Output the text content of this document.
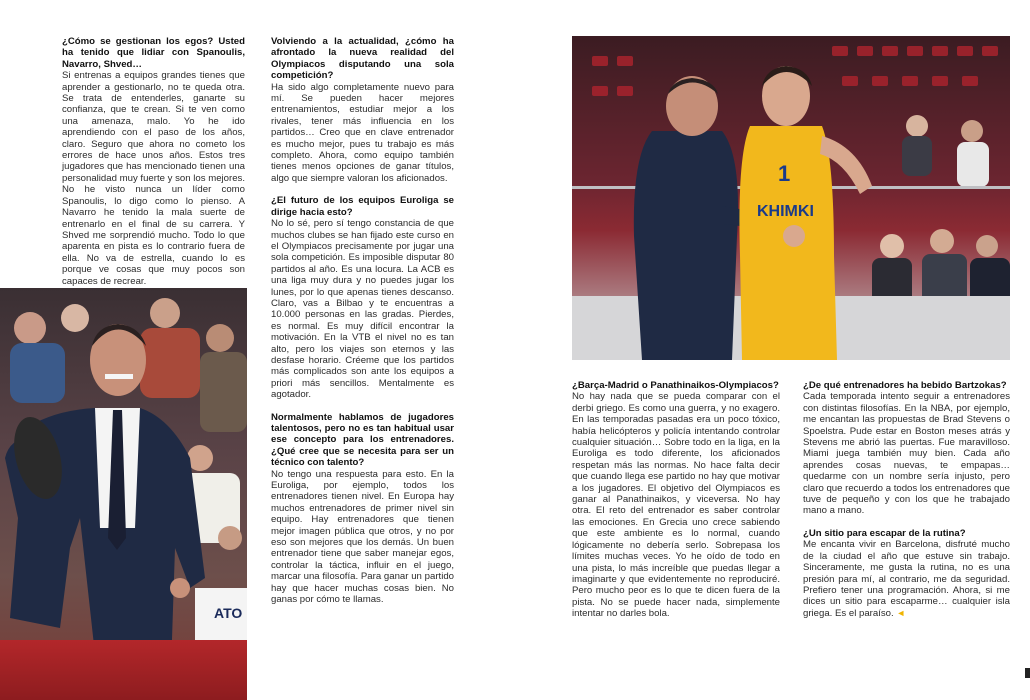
¿Cómo se gestionan los egos? Usted ha tenido que lidiar con Spanoulis, Navarro, Shved…

Si entrenas a equipos grandes tienes que aprender a gestionarlo, no te queda otra. Se trata de entenderles, ganarte su confianza, que te crean. Si te ven como una amenaza, malo. Yo he ido aprendiendo con el paso de los años, claro. Seguro que ahora no cometo los errores de hace unos años. Estos tres jugadores que has mencionado tienen una personalidad muy fuerte y son los mejores. No he visto nunca un líder como Spanoulis, lo digo como lo pienso. A Navarro he tenido la mala suerte de entrenarlo en el final de su carrera. Y Shved me sorprendió mucho. Todo lo que aparenta en pista es lo contrario fuera de ella. No va de estrella, cuando lo es porque ve cosas que muy pocos son capaces de recrear.

ATO

Volviendo a la actualidad, ¿cómo ha afrontado la nueva realidad del Olympiacos disputando una sola competición?

Ha sido algo completamente nuevo para mí. Se pueden hacer mejores entrenamientos, estudiar mejor a los rivales, tener más influencia en los partidos… Creo que en clave entrenador es mucho mejor, pues tu trabajo es más completo. Ahora, como equipo también tienes menos opciones de ganar títulos, algo que siempre valoran los aficionados.

¿El futuro de los equipos Euroliga se dirige hacia esto?

No lo sé, pero sí tengo constancia de que muchos clubes se han fijado este curso en el Olympiacos precisamente por jugar una sola competición. Es imposible disputar 80 partidos al año. Es una locura. La ACB es una liga muy dura y no puedes jugar los lunes, por lo que apenas tienes descanso. Claro, vas a Bilbao y te encuentras a 10.000 personas en las gradas. Pierdes, es normal. Es muy difícil encontrar la motivación. En la VTB el nivel no es tan alto, pero los viajes son eternos y las desfase horario. Créeme que los partidos más complicados son ante los equipos a priori más sencillos. Mentalmente es agotador.

Normalmente hablamos de jugadores talentosos, pero no es tan habitual usar ese concepto para los entrenadores. ¿Qué cree que se necesita para ser un técnico con talento?

No tengo una respuesta para esto. En la Euroliga, por ejemplo, todos los entrenadores tienen nivel. En Europa hay muchos entrenadores de primer nivel sin equipo. Hay entrenadores que tienen mejor imagen pública que otros, y no por eso son mejores que los demás. Un buen entrenador tiene que saber manejar egos, controlar la táctica, influir en el juego, marcar una filosofía. Para ganar un partido hay que hacer muchas cosas bien. No ganas por cómo te llamas.

KHIMKI
1

¿Barça-Madrid o Panathinaikos-Olympiacos?

No hay nada que se pueda comparar con el derbi griego. Es como una guerra, y no exagero. En las temporadas pasadas era un poco tóxico, había helicópteros y policía intentando controlar cualquier situación… Sobre todo en la liga, en la Euroliga es todo diferente, los aficionados respetan más las normas. No hace falta decir que cuando llega ese partido no hay que motivar a los jugadores. El objetivo del Olympiacos es ganar al Panathinaikos, y viceversa. No hay otra. El reto del entrenador es saber controlar las emociones. En Grecia uno crece sabiendo que este ambiente es lo normal, cuando lógicamente no debería serlo. Sobrepasa los límites muchas veces. Yo he oído de todo en una pista, lo más increíble que puedas llegar a imaginarte y que evidentemente no reproduciré. Pero mucho peor es lo que te dicen fuera de la pista. No se puede hacer nada, simplemente intentar no darles bola.

¿De qué entrenadores ha bebido Bartzokas?

Cada temporada intento seguir a entrenadores con distintas filosofías. En la NBA, por ejemplo, me encantan las propuestas de Brad Stevens o Spoelstra. Pude estar en Boston meses atrás y Stevens me abrió las puertas. Fue maravilloso. Miami juega también muy bien. Cada año aprendes cosas nuevas, te empapas… quedarme con un nombre sería injusto, pero claro que recuerdo a todos los entrenadores que tuve de pequeño y con los que he trabajado mano a mano.

¿Un sitio para escapar de la rutina?

Me encanta vivir en Barcelona, disfruté mucho de la ciudad el año que estuve sin trabajo. Sinceramente, me gusta la rutina, no es una presión para mí, al contrario, me da seguridad. Prefiero tener una programación. Ahora, si me dices un sitio para escaparme… cualquier isla griega. Es el paraíso. ◄
